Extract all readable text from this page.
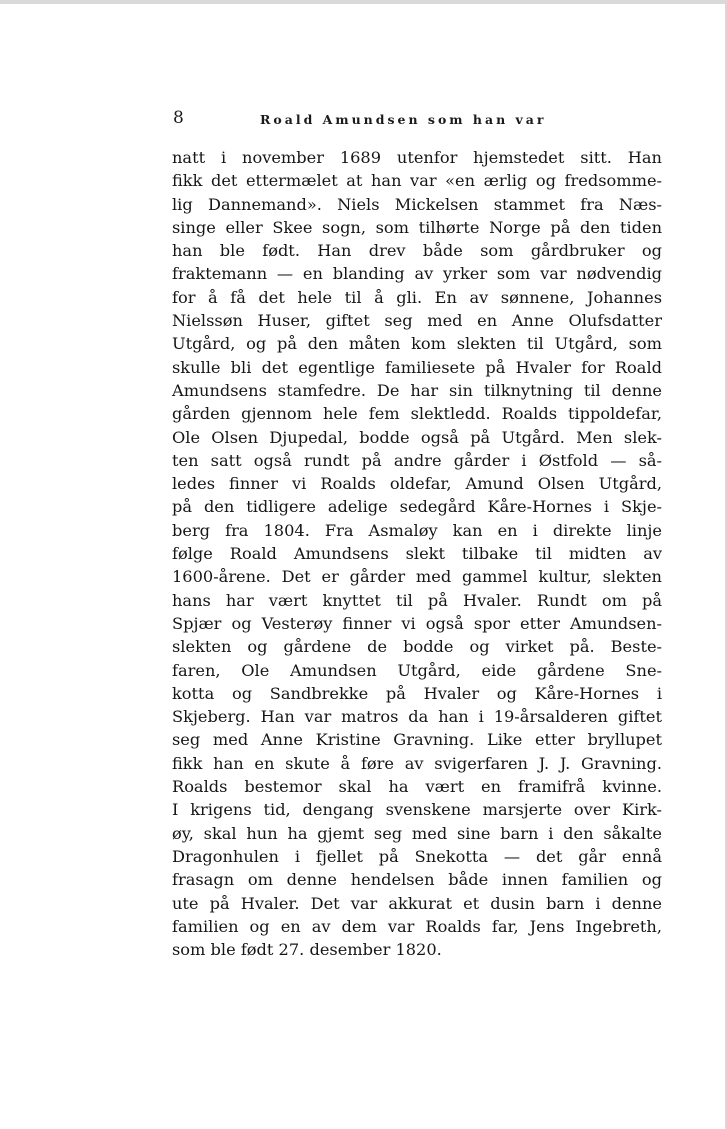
8	Roald Amundsen som han var
natt i november 1689 utenfor hjemstedet sitt. Han
fikk det ettermælet at han var «en ærlig og fredsomme-
lig Dannemand». Niels Mickelsen stammet fra Næs-
singe eller Skee sogn, som tilhørte Norge på den tiden
han ble født. Han drev både som gårdbruker og
fraktemann — en blanding av yrker som var nødvendig
for å få det hele til å gli. En av sønnene, Johannes
Nielssøn Huser, giftet seg med en Anne Olufsdatter
Utgård, og på den måten kom slekten til Utgård, som
skulle bli det egentlige familiesete på Hvaler for Roald
Amundsens stamfedre. De har sin tilknytning til denne
gården gjennom hele fem slektledd. Roalds tippoldefar,
Ole Olsen Djupedal, bodde også på Utgård. Men slek-
ten satt også rundt på andre gårder i Østfold — så-
ledes finner vi Roalds oldefar, Amund Olsen Utgård,
på den tidligere adelige sedegård Kåre-Hornes i Skje-
berg fra 1804. Fra Asmaløy kan en i direkte linje
følge Roald Amundsens slekt tilbake til midten av
1600-årene. Det er gårder med gammel kultur, slekten
hans har vært knyttet til på Hvaler. Rundt om på
Spjær og Vesterøy finner vi også spor etter Amundsen-
slekten og gårdene de bodde og virket på. Beste-
faren, Ole Amundsen Utgård, eide gårdene Sne-
kotta og Sandbrekke på Hvaler og Kåre-Hornes i
Skjeberg. Han var matros da han i 19-årsalderen giftet
seg med Anne Kristine Gravning. Like etter bryllupet
fikk han en skute å føre av svigerfaren J. J. Gravning.
Roalds bestemor skal ha vært en framifrå kvinne.
I krigens tid, dengang svenskene marsjerte over Kirk-
øy, skal hun ha gjemt seg med sine barn i den såkalte
Dragonhulen i fjellet på Snekotta — det går ennå
frasagn om denne hendelsen både innen familien og
ute på Hvaler. Det var akkurat et dusin barn i denne
familien og en av dem var Roalds far, Jens Ingebreth,
som ble født 27. desember 1820.
